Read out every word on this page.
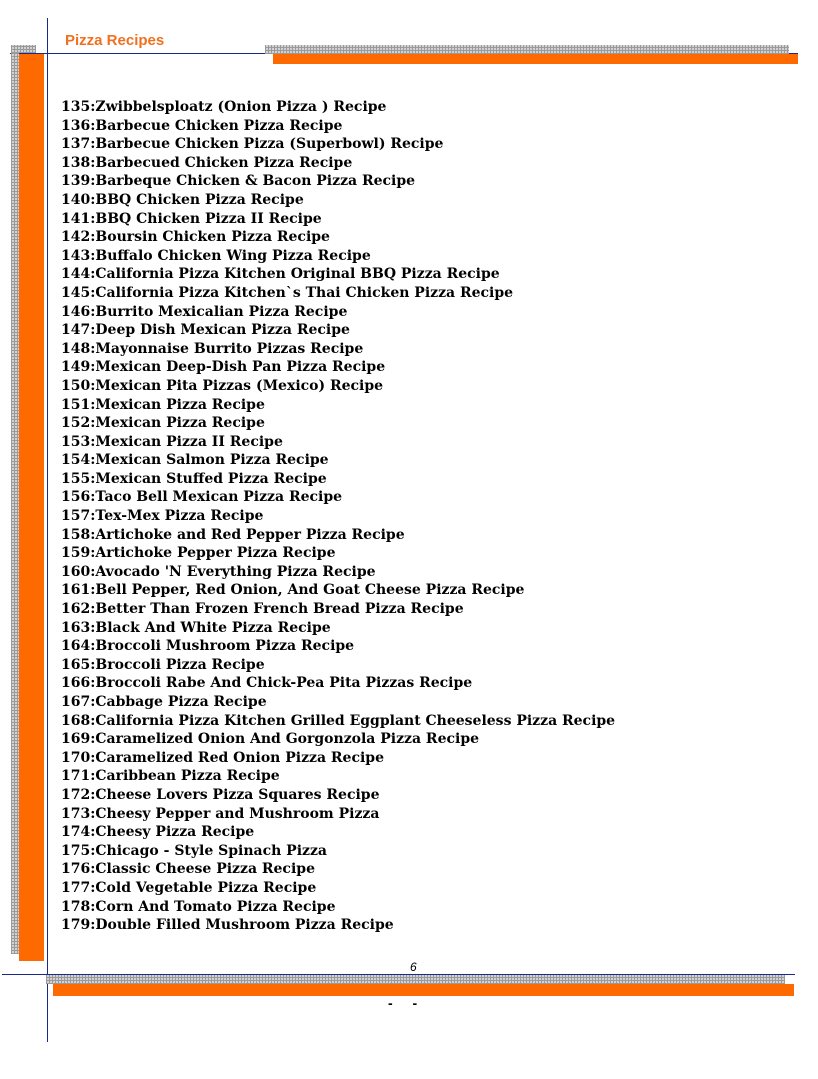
Pizza Recipes
135:Zwibbelsploatz (Onion Pizza ) Recipe
136:Barbecue Chicken Pizza Recipe
137:Barbecue Chicken Pizza (Superbowl) Recipe
138:Barbecued Chicken Pizza Recipe
139:Barbeque Chicken & Bacon Pizza Recipe
140:BBQ Chicken Pizza Recipe
141:BBQ Chicken Pizza II Recipe
142:Boursin Chicken Pizza Recipe
143:Buffalo Chicken Wing Pizza Recipe
144:California Pizza Kitchen Original BBQ Pizza Recipe
145:California Pizza Kitchen`s Thai Chicken Pizza Recipe
146:Burrito Mexicalian Pizza Recipe
147:Deep Dish Mexican Pizza Recipe
148:Mayonnaise Burrito Pizzas Recipe
149:Mexican Deep-Dish Pan Pizza Recipe
150:Mexican Pita Pizzas (Mexico) Recipe
151:Mexican Pizza Recipe
152:Mexican Pizza Recipe
153:Mexican Pizza II Recipe
154:Mexican Salmon Pizza Recipe
155:Mexican Stuffed Pizza Recipe
156:Taco Bell Mexican Pizza Recipe
157:Tex-Mex Pizza Recipe
158:Artichoke and Red Pepper Pizza Recipe
159:Artichoke Pepper Pizza Recipe
160:Avocado 'N Everything Pizza Recipe
161:Bell Pepper, Red Onion, And Goat Cheese Pizza Recipe
162:Better Than Frozen French Bread Pizza Recipe
163:Black And White Pizza Recipe
164:Broccoli Mushroom Pizza Recipe
165:Broccoli Pizza Recipe
166:Broccoli Rabe And Chick-Pea Pita Pizzas Recipe
167:Cabbage Pizza Recipe
168:California Pizza Kitchen Grilled Eggplant Cheeseless Pizza Recipe
169:Caramelized Onion And Gorgonzola Pizza Recipe
170:Caramelized Red Onion Pizza Recipe
171:Caribbean Pizza Recipe
172:Cheese Lovers Pizza Squares Recipe
173:Cheesy Pepper and Mushroom Pizza
174:Cheesy Pizza Recipe
175:Chicago - Style Spinach Pizza
176:Classic Cheese Pizza Recipe
177:Cold Vegetable Pizza Recipe
178:Corn And Tomato Pizza Recipe
179:Double Filled Mushroom Pizza Recipe
6
- -
